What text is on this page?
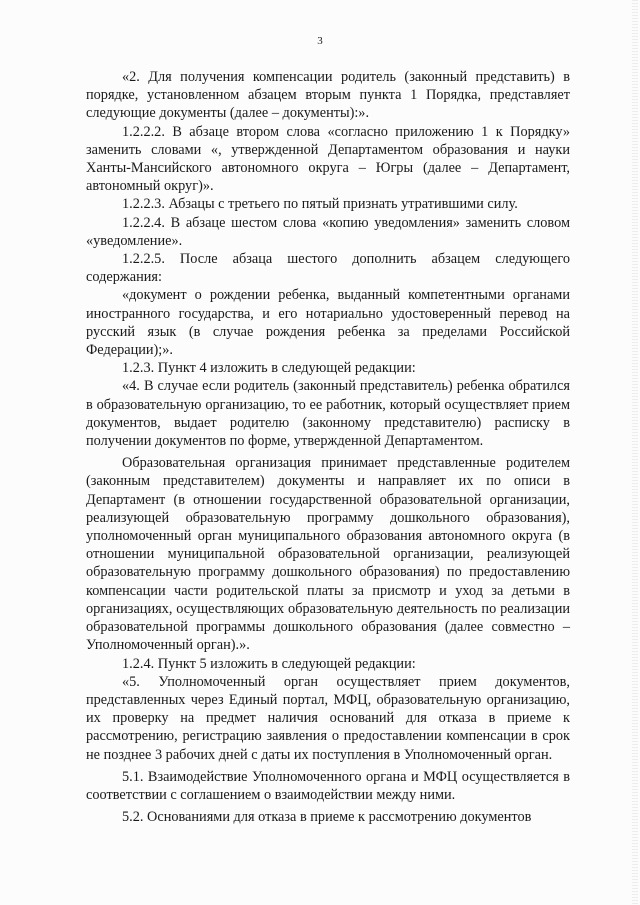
3

«2. Для получения компенсации родитель (законный представить) в порядке, установленном абзацем вторым пункта 1 Порядка, представляет следующие документы (далее – документы):».

1.2.2.2. В абзаце втором слова «согласно приложению 1 к Порядку» заменить словами «, утвержденной Департаментом образования и науки Ханты-Мансийского автономного округа – Югры (далее – Департамент, автономный округ)».

1.2.2.3. Абзацы с третьего по пятый признать утратившими силу.

1.2.2.4. В абзаце шестом слова «копию уведомления» заменить словом «уведомление».

1.2.2.5. После абзаца шестого дополнить абзацем следующего содержания:

«документ о рождении ребенка, выданный компетентными органами иностранного государства, и его нотариально удостоверенный перевод на русский язык (в случае рождения ребенка за пределами Российской Федерации);».

1.2.3. Пункт 4 изложить в следующей редакции:

«4. В случае если родитель (законный представитель) ребенка обратился в образовательную организацию, то ее работник, который осуществляет прием документов, выдает родителю (законному представителю) расписку в получении документов по форме, утвержденной Департаментом.

Образовательная организация принимает представленные родителем (законным представителем) документы и направляет их по описи в Департамент (в отношении государственной образовательной организации, реализующей образовательную программу дошкольного образования), уполномоченный орган муниципального образования автономного округа (в отношении муниципальной образовательной организации, реализующей образовательную программу дошкольного образования) по предоставлению компенсации части родительской платы за присмотр и уход за детьми в организациях, осуществляющих образовательную деятельность по реализации образовательной программы дошкольного образования (далее совместно – Уполномоченный орган).».

1.2.4. Пункт 5 изложить в следующей редакции:

«5. Уполномоченный орган осуществляет прием документов, представленных через Единый портал, МФЦ, образовательную организацию, их проверку на предмет наличия оснований для отказа в приеме к рассмотрению, регистрацию заявления о предоставлении компенсации в срок не позднее 3 рабочих дней с даты их поступления в Уполномоченный орган.

5.1. Взаимодействие Уполномоченного органа и МФЦ осуществляется в соответствии с соглашением о взаимодействии между ними.

5.2. Основаниями для отказа в приеме к рассмотрению документов
